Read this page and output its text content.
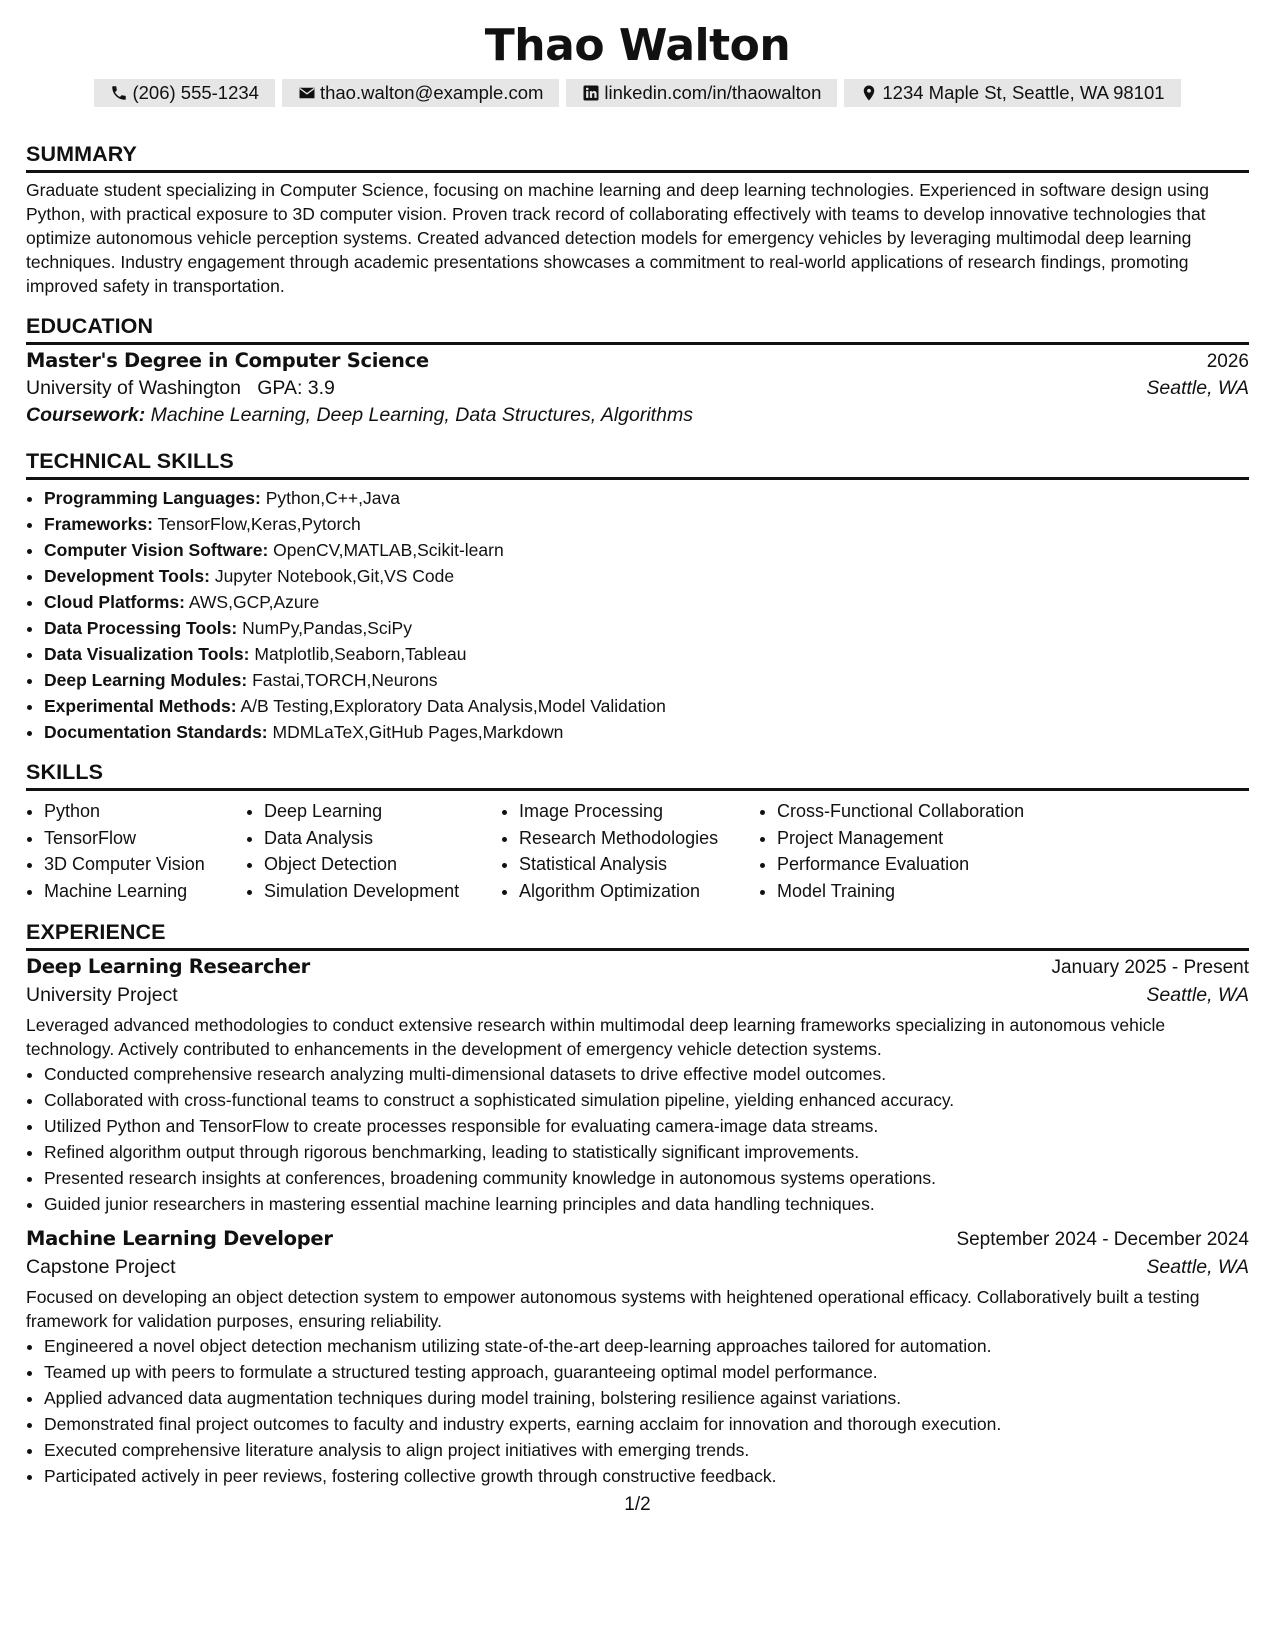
Thao Walton
(206) 555-1234	thao.walton@example.com	linkedin.com/in/thaowalton	1234 Maple St, Seattle, WA 98101
SUMMARY

Graduate student specializing in Computer Science, focusing on machine learning and deep learning technologies. Experienced in software design using Python, with practical exposure to 3D computer vision. Proven track record of collaborating effectively with teams to develop innovative technologies that optimize autonomous vehicle perception systems. Created advanced detection models for emergency vehicles by leveraging multimodal deep learning techniques. Industry engagement through academic presentations showcases a commitment to real-world applications of research findings, promoting improved safety in transportation.

EDUCATION
Master's Degree in Computer Science	2026
University of Washington GPA: 3.9	Seattle, WA
Coursework: Machine Learning, Deep Learning, Data Structures, Algorithms
TECHNICAL SKILLS
• Programming Languages: Python,C++,Java
• Frameworks: TensorFlow,Keras,Pytorch
• Computer Vision Software: OpenCV,MATLAB,Scikit-learn
• Development Tools: Jupyter Notebook,Git,VS Code
• Cloud Platforms: AWS,GCP,Azure
• Data Processing Tools: NumPy,Pandas,SciPy
• Data Visualization Tools: Matplotlib,Seaborn,Tableau
• Deep Learning Modules: Fastai,TORCH,Neurons
• Experimental Methods: A/B Testing,Exploratory Data Analysis,Model Validation
• Documentation Standards: MDMLaTeX,GitHub Pages,Markdown
SKILLS
• Python
• TensorFlow
• 3D Computer Vision
• Machine Learning
• Deep Learning
• Data Analysis
• Object Detection
• Simulation Development
• Image Processing
• Research Methodologies
• Statistical Analysis
• Algorithm Optimization
• Cross-Functional Collaboration
• Project Management
• Performance Evaluation
• Model Training
EXPERIENCE
Deep Learning Researcher	January 2025 - Present
University Project	Seattle, WA

Leveraged advanced methodologies to conduct extensive research within multimodal deep learning frameworks specializing in autonomous vehicle technology. Actively contributed to enhancements in the development of emergency vehicle detection systems.

• Conducted comprehensive research analyzing multi-dimensional datasets to drive effective model outcomes.
• Collaborated with cross-functional teams to construct a sophisticated simulation pipeline, yielding enhanced accuracy.
• Utilized Python and TensorFlow to create processes responsible for evaluating camera-image data streams.
• Refined algorithm output through rigorous benchmarking, leading to statistically significant improvements.
• Presented research insights at conferences, broadening community knowledge in autonomous systems operations.
• Guided junior researchers in mastering essential machine learning principles and data handling techniques.
Machine Learning Developer	September 2024 - December 2024
Capstone Project	Seattle, WA

Focused on developing an object detection system to empower autonomous systems with heightened operational efficacy. Collaboratively built a testing framework for validation purposes, ensuring reliability.

• Engineered a novel object detection mechanism utilizing state-of-the-art deep-learning approaches tailored for automation.
• Teamed up with peers to formulate a structured testing approach, guaranteeing optimal model performance.
• Applied advanced data augmentation techniques during model training, bolstering resilience against variations.
• Demonstrated final project outcomes to faculty and industry experts, earning acclaim for innovation and thorough execution.
• Executed comprehensive literature analysis to align project initiatives with emerging trends.
• Participated actively in peer reviews, fostering collective growth through constructive feedback.
1/2
